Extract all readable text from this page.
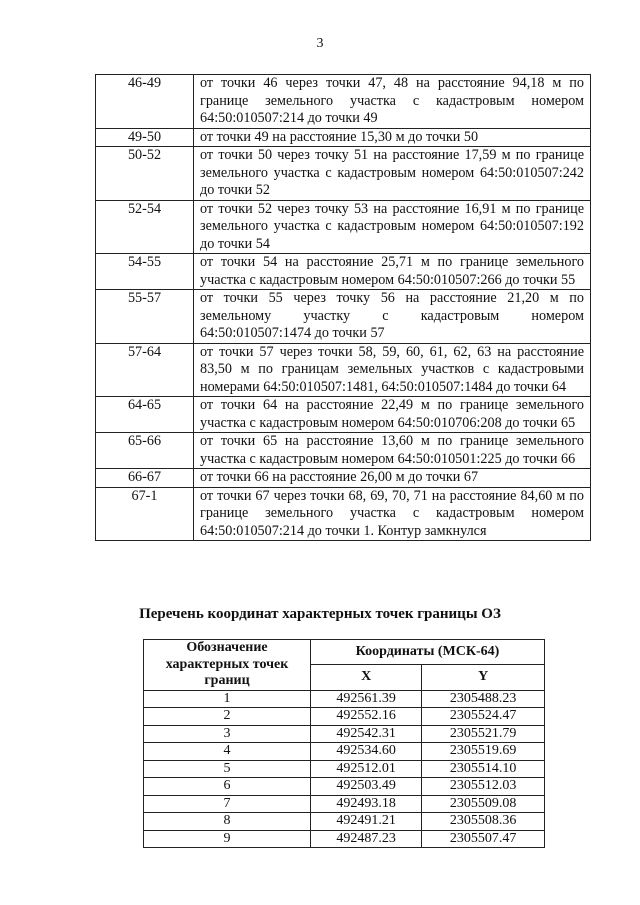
3
46-49	от точки 46 через точки 47, 48 на расстояние 94,18 м по границе земельного участка с кадастровым номером 64:50:010507:214 до точки 49
49-50	от точки 49 на расстояние 15,30 м до точки 50
50-52	от точки 50 через точку 51 на расстояние 17,59 м по границе земельного участка с кадастровым номером 64:50:010507:242 до точки 52
52-54	от точки 52 через точку 53 на расстояние 16,91 м по границе земельного участка с кадастровым номером 64:50:010507:192 до точки 54
54-55	от точки 54 на расстояние 25,71 м по границе земельного участка с кадастровым номером 64:50:010507:266 до точки 55
55-57	от точки 55 через точку 56 на расстояние 21,20 м по земельному участку с кадастровым номером 64:50:010507:1474 до точки 57
57-64	от точки 57 через точки 58, 59, 60, 61, 62, 63 на расстояние 83,50 м по границам земельных участков с кадастровыми номерами 64:50:010507:1481, 64:50:010507:1484 до точки 64
64-65	от точки 64 на расстояние 22,49 м по границе земельного участка с кадастровым номером 64:50:010706:208 до точки 65
65-66	от точки 65 на расстояние 13,60 м по границе земельного участка с кадастровым номером 64:50:010501:225 до точки 66
66-67	от точки 66 на расстояние 26,00 м до точки 67
67-1	от точки 67 через точки 68, 69, 70, 71 на расстояние 84,60 м по границе земельного участка с кадастровым номером 64:50:010507:214 до точки 1. Контур замкнулся
Перечень координат характерных точек границы ОЗ
Обозначение характерных точек границ	Координаты (МСК-64)	
	X	Y
1	492561.39	2305488.23
2	492552.16	2305524.47
3	492542.31	2305521.79
4	492534.60	2305519.69
5	492512.01	2305514.10
6	492503.49	2305512.03
7	492493.18	2305509.08
8	492491.21	2305508.36
9	492487.23	2305507.47
